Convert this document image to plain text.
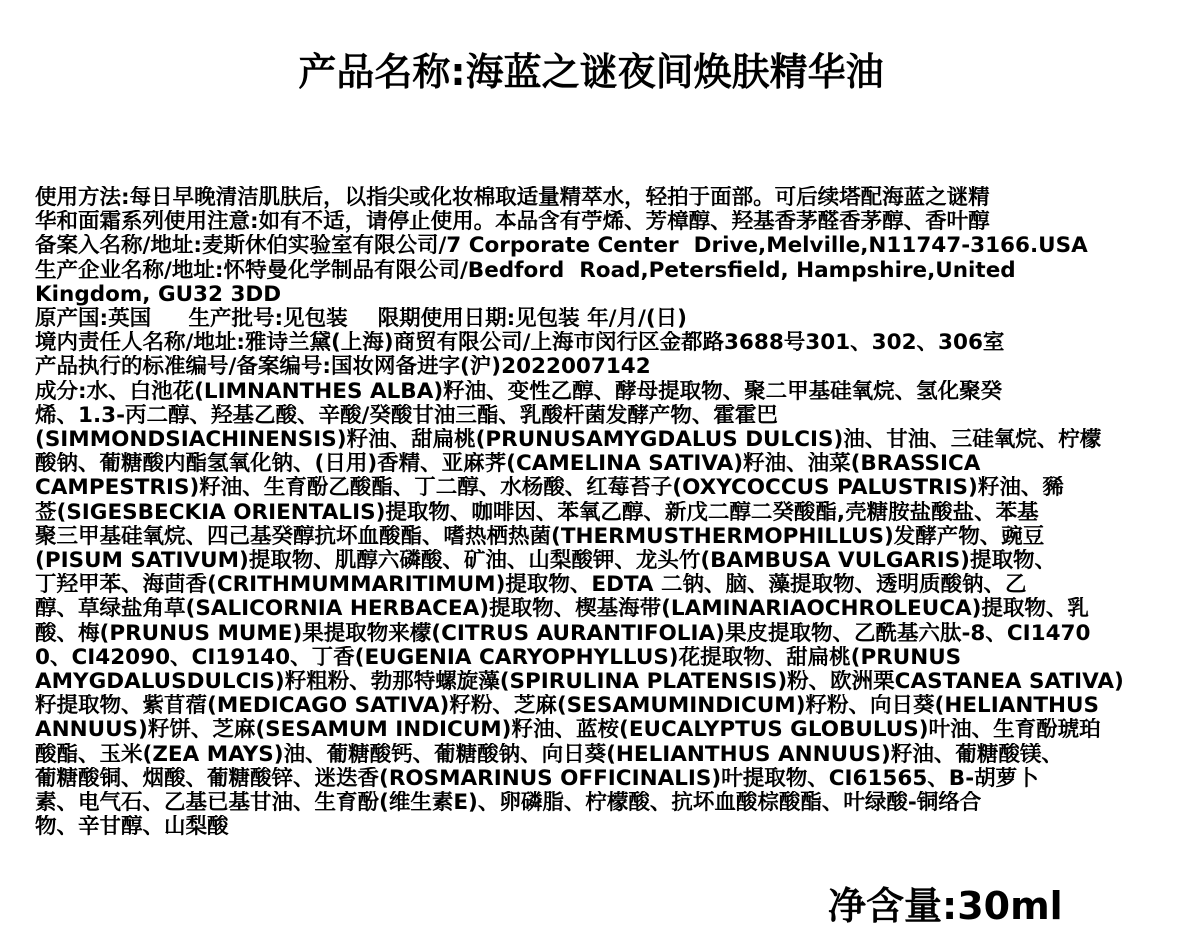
产品名称:海蓝之谜夜间焕肤精华油
使用方法:每日早晚清洁肌肤后，以指尖或化妆棉取适量精萃水，轻拍于面部。可后续塔配海蓝之谜精
华和面霜系列使用注意:如有不适，请停止使用。本品含有苧烯、芳樟醇、羟基香茅醛香茅醇、香叶醇
备案入名称/地址:麦斯休伯实验室有限公司/7 Corporate Center  Drive,Melville,N11747-3166.USA
生产企业名称/地址:怀特曼化学制品有限公司/Bedford  Road,Petersfield, Hampshire,United
Kingdom, GU32 3DD
原产国:英国     生产批号:见包装    限期使用日期:见包装 年/月/(日)
境内责任人名称/地址:雅诗兰黛(上海)商贸有限公司/上海市闵行区金都路3688号301、302、306室
产品执行的标准编号/备案编号:国妆网备进字(沪)2022007142
成分:水、白池花(LIMNANTHES ALBA)籽油、变性乙醇、酵母提取物、聚二甲基硅氧烷、氢化聚癸
烯、1.3-丙二醇、羟基乙酸、辛酸/癸酸甘油三酯、乳酸杆菌发酵产物、霍霍巴
(SIMMONDSIACHINENSIS)籽油、甜扁桃(PRUNUSAMYGDALUS DULCIS)油、甘油、三硅氧烷、柠檬
酸钠、葡糖酸内酯氢氧化钠、(日用)香精、亚麻荠(CAMELINA SATIVA)籽油、油菜(BRASSICA
CAMPESTRIS)籽油、生育酚乙酸酯、丁二醇、水杨酸、红莓苔子(OXYCOCCUS PALUSTRIS)籽油、豨
莶(SIGESBECKIA ORIENTALIS)提取物、咖啡因、苯氧乙醇、新戊二醇二癸酸酯,壳糖胺盐酸盐、苯基
聚三甲基硅氧烷、四己基癸醇抗坏血酸酯、嗜热栖热菌(THERMUSTHERMOPHILLUS)发酵产物、豌豆
(PISUM SATIVUM)提取物、肌醇六磷酸、矿油、山梨酸钾、龙头竹(BAMBUSA VULGARIS)提取物、
丁羟甲苯、海茴香(CRITHMUMMARITIMUM)提取物、EDTA 二钠、脑、藻提取物、透明质酸钠、乙
醇、草绿盐角草(SALICORNIA HERBACEA)提取物、楔基海带(LAMINARIAOCHROLEUCA)提取物、乳
酸、梅(PRUNUS MUME)果提取物来檬(CITRUS AURANTIFOLIA)果皮提取物、乙酰基六肽-8、CI1470
0、CI42090、CI19140、丁香(EUGENIA CARYOPHYLLUS)花提取物、甜扁桃(PRUNUS
AMYGDALUSDULCIS)籽粗粉、勃那特螺旋藻(SPIRULINA PLATENSIS)粉、欧洲栗CASTANEA SATIVA)
籽提取物、紫苜蓿(MEDICAGO SATIVA)籽粉、芝麻(SESAMUMINDICUM)籽粉、向日葵(HELIANTHUS
ANNUUS)籽饼、芝麻(SESAMUM INDICUM)籽油、蓝桉(EUCALYPTUS GLOBULUS)叶油、生育酚琥珀
酸酯、玉米(ZEA MAYS)油、葡糖酸钙、葡糖酸钠、向日葵(HELIANTHUS ANNUUS)籽油、葡糖酸镁、
葡糖酸铜、烟酸、葡糖酸锌、迷迭香(ROSMARINUS OFFICINALIS)叶提取物、CI61565、B-胡萝卜
素、电气石、乙基已基甘油、生育酚(维生素E)、卵磷脂、柠檬酸、抗坏血酸棕酸酯、叶绿酸-铜络合
物、辛甘醇、山梨酸
净含量:30ml
